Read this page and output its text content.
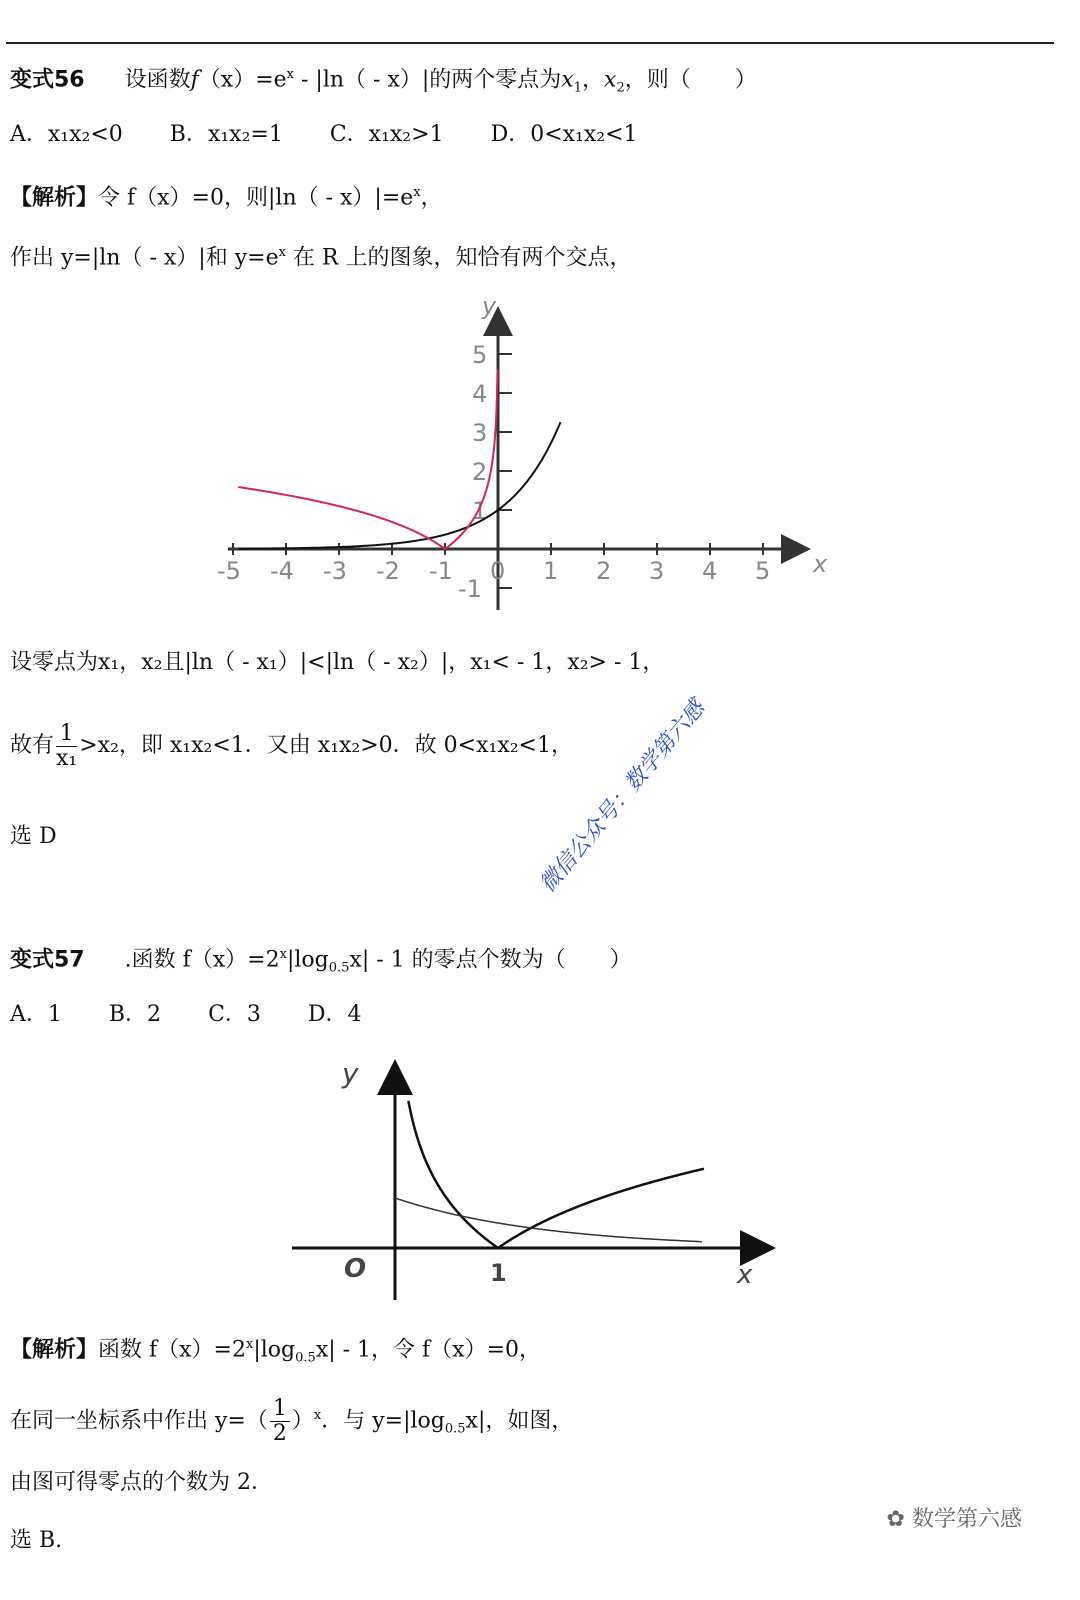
变式56 设函数$f(x)=e^x - |\ln( - x)|$的两个零点为$x_1$，$x_2$，则（　　）
A．x₁x₂<0 B．x₁x₂=1 C．x₁x₂>1 D．0<x₁x₂<1
【解析】令 f（x）=0，则$|\ln( - x)|=e^x$，
作出 y=|ln（ - x）|和 $y=e^x$ 在 R 上的图象，知恰有两个交点，
-5 -4 -3 -2 -1 0 1 2 3 4 5
-1
1
2
3
4
5
y
x
设零点为x₁，x₂且|ln（ - x₁）|<|ln（ - x₂）|，x₁< - 1，x₂> - 1，
故有 $\frac{1}{\text{x₁}} >x_2$，即 x₁x₂<1．又由 x₁x₂>0．故 0<x₁x₂<1，
选 D	微信公众号：数学第六感
变式57 .函数 $f(x)=2^x|\log_{0.5}x| - 1$ 的零点个数为（　　）
A．1 B．2 C．3 D．4
y
x
O	1
【解析】函数 $f(x)=2^x|\log_{0.5}x| - 1$，令 f（x）=0，
在同一坐标系中作出 $y=( \frac{1}{2} )^x$．与 $y=|\log_{0.5}x|$，如图，
由图可得零点的个数为 2．
选 B.
✿ 数学第六感
